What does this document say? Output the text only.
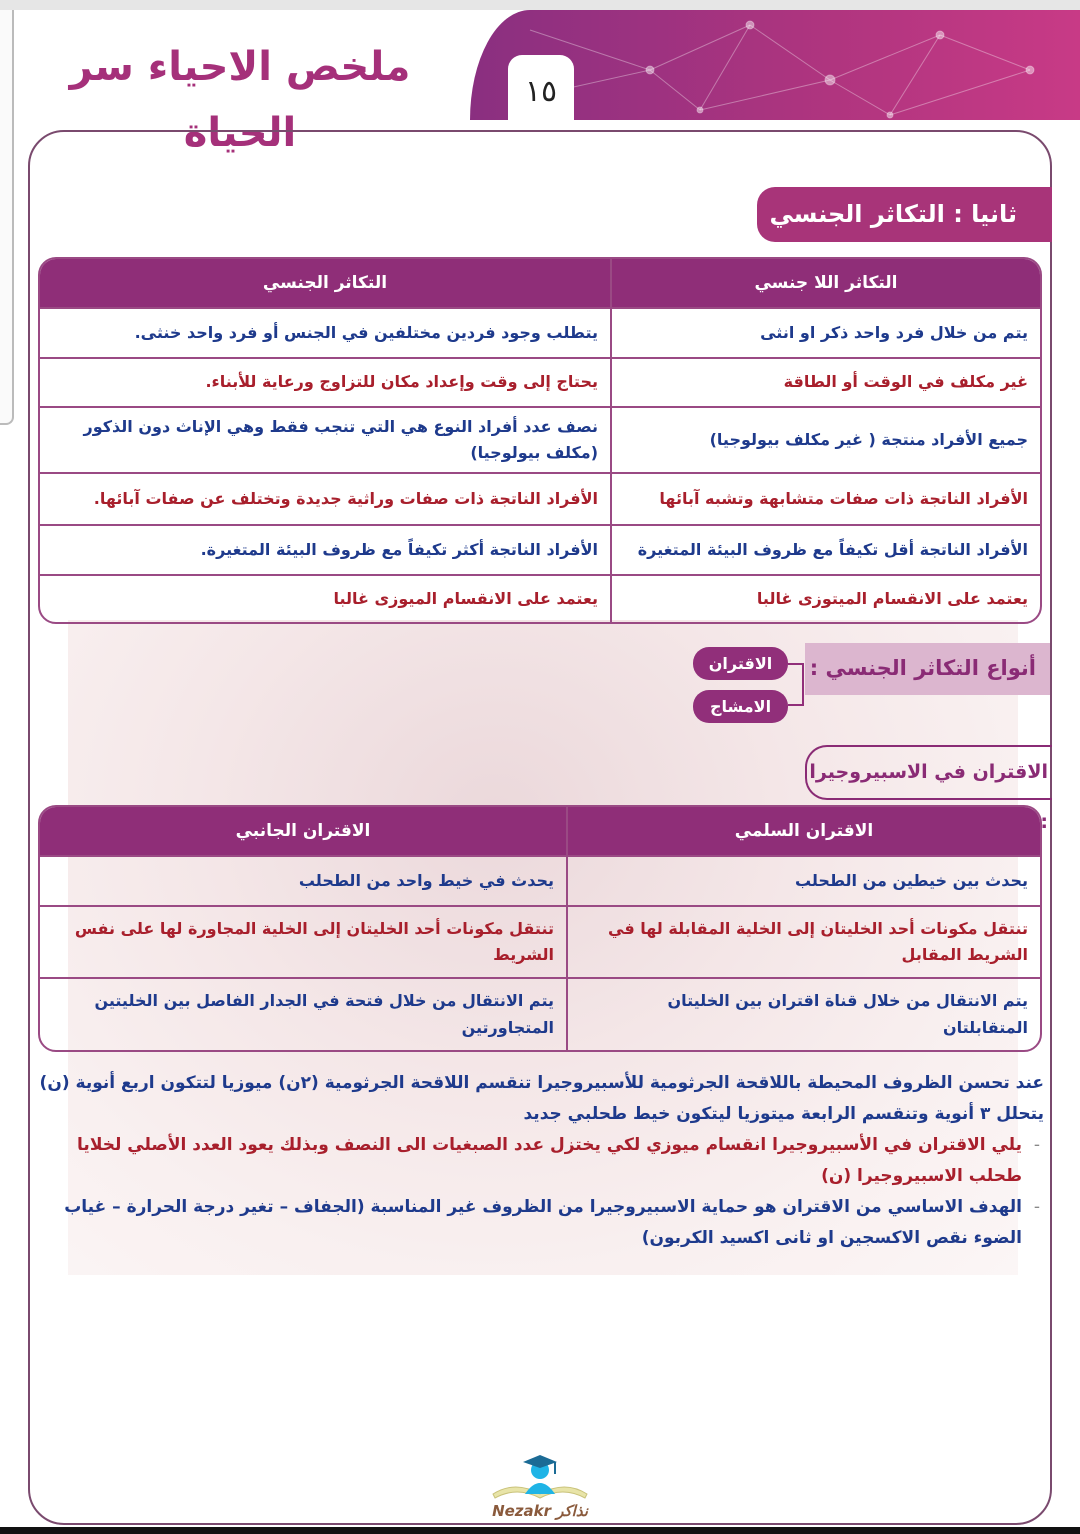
ملخص الاحياء سر الحياة
١٥
ثانيا : التكاثر الجنسي
التكاثر اللا جنسي	التكاثر الجنسي
يتم من خلال فرد واحد ذكر او انثى	يتطلب وجود فردين مختلفين في الجنس أو فرد واحد خنثى.
غير مكلف في الوقت أو الطاقة	يحتاج إلى وقت وإعداد مكان للتزاوج ورعاية للأبناء.
جميع الأفراد منتجة ( غير مكلف بيولوجيا)	نصف عدد أفراد النوع هي التي تنجب فقط وهي الإناث دون الذكور (مكلف بيولوجيا)
الأفراد الناتجة ذات صفات متشابهة وتشبه آبائها	الأفراد الناتجة ذات صفات وراثية جديدة وتختلف عن صفات آبائها.
الأفراد الناتجة أقل تكيفاً مع ظروف البيئة المتغيرة	الأفراد الناتجة أكثر تكيفاً مع ظروف البيئة المتغيرة.
يعتمد على الانقسام الميتوزى غالبا	يعتمد على الانقسام الميوزى غالبا
أنواع التكاثر الجنسي :
الاقتران
الامشاج
الاقتران في الاسبيروجيرا :
الاقتران السلمي	الاقتران الجانبي
يحدث بين خيطين من الطحلب	يحدث في خيط واحد من الطحلب
تنتقل مكونات أحد الخليتان إلى الخلية المقابلة لها في الشريط المقابل	تنتقل مكونات أحد الخليتان إلى الخلية المجاورة لها على نفس الشريط
يتم الانتقال من خلال قناة اقتران بين الخليتان المتقابلتان	يتم الانتقال من خلال فتحة في الجدار الفاصل بين الخليتين المتجاورتين
عند تحسن الظروف المحيطة باللاقحة الجرثومية للأسبيروجيرا تنقسم اللاقحة الجرثومية (٢ن) ميوزيا لتتكون اربع أنوية (ن) يتحلل ٣ أنوية وتنقسم الرابعة ميتوزيا ليتكون خيط طحلبي جديد
- يلي الاقتران في الأسبيروجيرا انقسام ميوزي لكي يختزل عدد الصبغيات الى النصف وبذلك يعود العدد الأصلي لخلايا طحلب الاسبيروجيرا (ن)
- الهدف الاساسي من الاقتران هو حماية الاسبيروجيرا من الظروف غير المناسبة (الجفاف – تغير درجة الحرارة – غياب الضوء نقص الاكسجين او ثانى اكسيد الكربون)
Nezakr نذاكر
